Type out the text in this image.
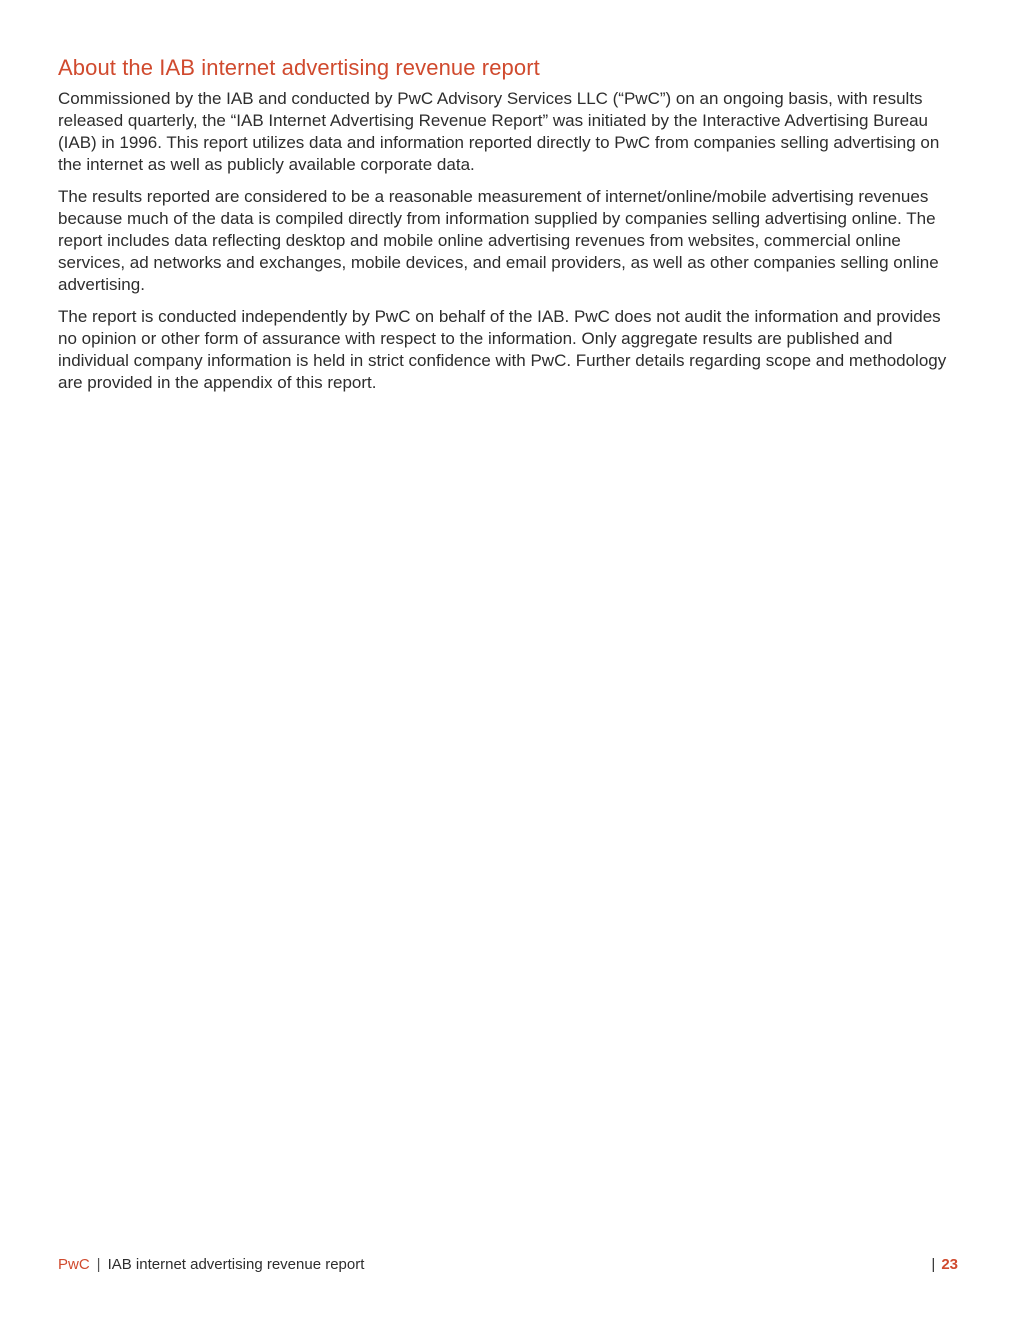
About the IAB internet advertising revenue report

Commissioned by the IAB and conducted by PwC Advisory Services LLC (“PwC”) on an ongoing basis, with results released quarterly, the “IAB Internet Advertising Revenue Report” was initiated by the Interactive Advertising Bureau (IAB) in 1996. This report utilizes data and information reported directly to PwC from companies selling advertising on the internet as well as publicly available corporate data.

The results reported are considered to be a reasonable measurement of internet/online/mobile advertising revenues because much of the data is compiled directly from information supplied by companies selling advertising online. The report includes data reflecting desktop and mobile online advertising revenues from websites, commercial online services, ad networks and exchanges, mobile devices, and email providers, as well as other companies selling online advertising.

The report is conducted independently by PwC on behalf of the IAB. PwC does not audit the information and provides no opinion or other form of assurance with respect to the information. Only aggregate results are published and individual company information is held in strict confidence with PwC. Further details regarding scope and methodology are provided in the appendix of this report.

PwC | IAB internet advertising revenue report	| 23
